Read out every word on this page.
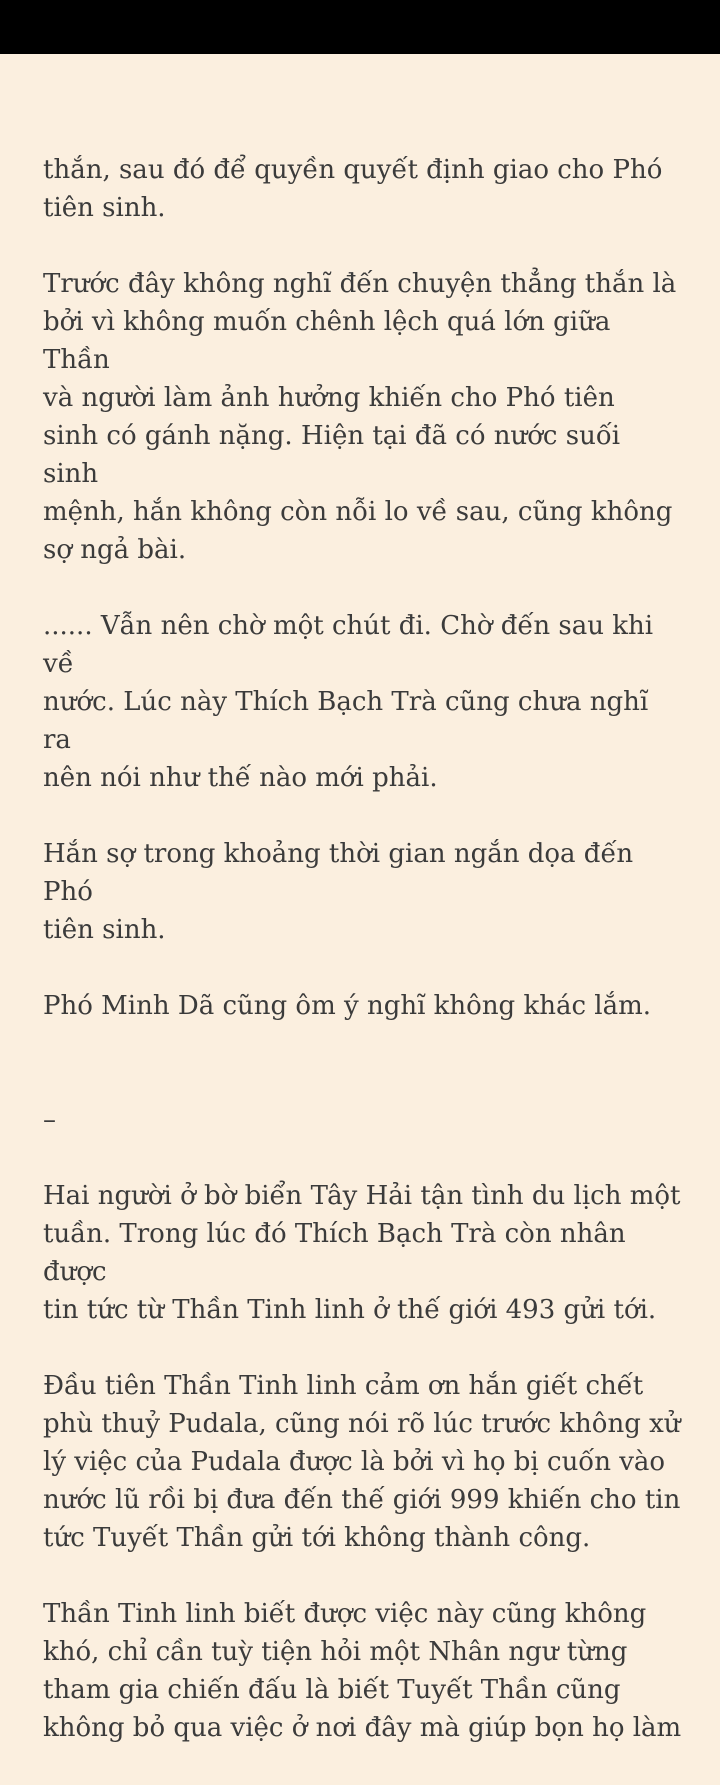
thắn, sau đó để quyền quyết định giao cho Phó
tiên sinh.

Trước đây không nghĩ đến chuyện thẳng thắn là
bởi vì không muốn chênh lệch quá lớn giữa Thần
và người làm ảnh hưởng khiến cho Phó tiên
sinh có gánh nặng. Hiện tại đã có nước suối sinh
mệnh, hắn không còn nỗi lo về sau, cũng không
sợ ngả bài.

...... Vẫn nên chờ một chút đi. Chờ đến sau khi về
nước. Lúc này Thích Bạch Trà cũng chưa nghĩ ra
nên nói như thế nào mới phải.

Hắn sợ trong khoảng thời gian ngắn dọa đến Phó
tiên sinh.

Phó Minh Dã cũng ôm ý nghĩ không khác lắm.

–

Hai người ở bờ biển Tây Hải tận tình du lịch một
tuần. Trong lúc đó Thích Bạch Trà còn nhân được
tin tức từ Thần Tinh linh ở thế giới 493 gửi tới.

Đầu tiên Thần Tinh linh cảm ơn hắn giết chết
phù thuỷ Pudala, cũng nói rõ lúc trước không xử
lý việc của Pudala được là bởi vì họ bị cuốn vào
nước lũ rồi bị đưa đến thế giới 999 khiến cho tin
tức Tuyết Thần gửi tới không thành công.

Thần Tinh linh biết được việc này cũng không
khó, chỉ cần tuỳ tiện hỏi một Nhân ngư từng
tham gia chiến đấu là biết Tuyết Thần cũng
không bỏ qua việc ở nơi đây mà giúp bọn họ làm
